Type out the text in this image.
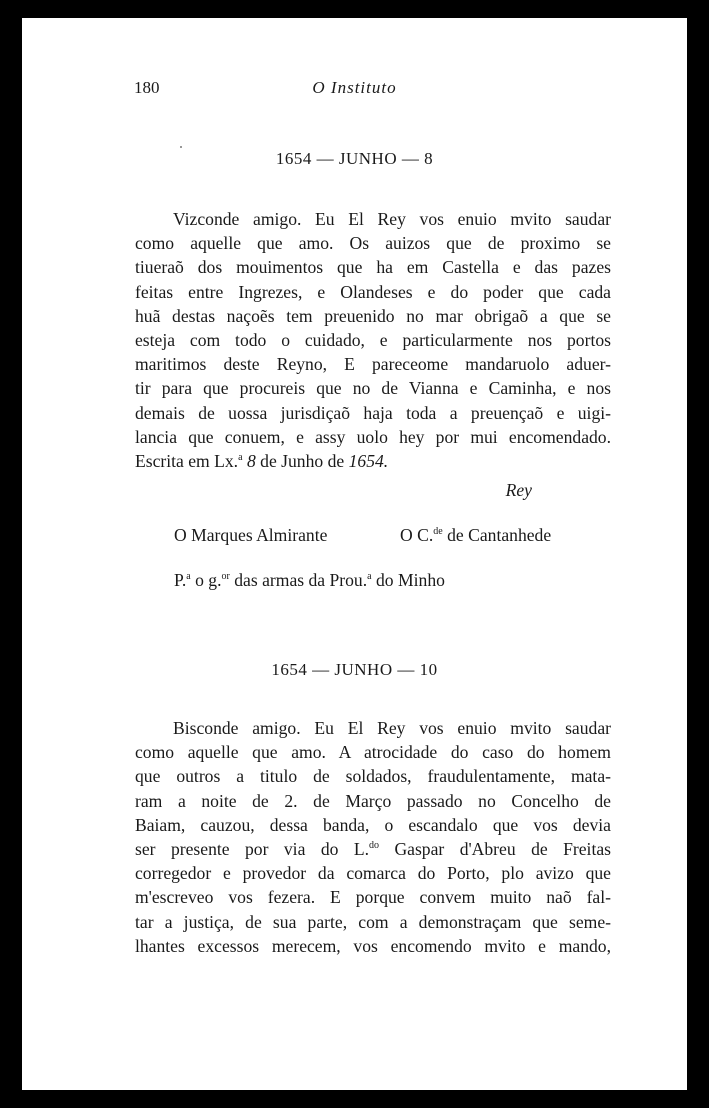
180	O Instituto
1654 — JUNHO — 8
Vizconde amigo. Eu El Rey vos enuio mvito saudar
como aquelle que amo. Os auizos que de proximo se
tiueraõ dos mouimentos que ha em Castella e das pazes
feitas entre Ingrezes, e Olandeses e do poder que cada
huã destas naçoẽs tem preuenido no mar obrigaõ a que se
esteja com todo o cuidado, e particularmente nos portos
maritimos deste Reyno, E pareceome mandaruolo aduer-
tir para que procureis que no de Vianna e Caminha, e nos
demais de uossa jurisdiçaõ haja toda a preuençaõ e uigi-
lancia que conuem, e assy uolo hey por mui encomendado.
Escrita em Lx.$^a$ 8 de Junho de 1654.
Rey
O Marques Almirante	O C.$^{de}$ de Cantanhede
P.$^a$ o g.$^{or}$ das armas da Prou.$^a$ do Minho
1654 — JUNHO — 10
Bisconde amigo. Eu El Rey vos enuio mvito saudar
como aquelle que amo. A atrocidade do caso do homem
que outros a titulo de soldados, fraudulentamente, mata-
ram a noite de 2. de Março passado no Concelho de
Baiam, cauzou, dessa banda, o escandalo que vos devia
ser presente por via do L.$^{do}$ Gaspar d'Abreu de Freitas
corregedor e provedor da comarca do Porto, plo avizo que
m'escreveo vos fezera. E porque convem muito naõ fal-
tar a justiça, de sua parte, com a demonstraçam que seme-
lhantes excessos merecem, vos encomendo mvito e mando,
